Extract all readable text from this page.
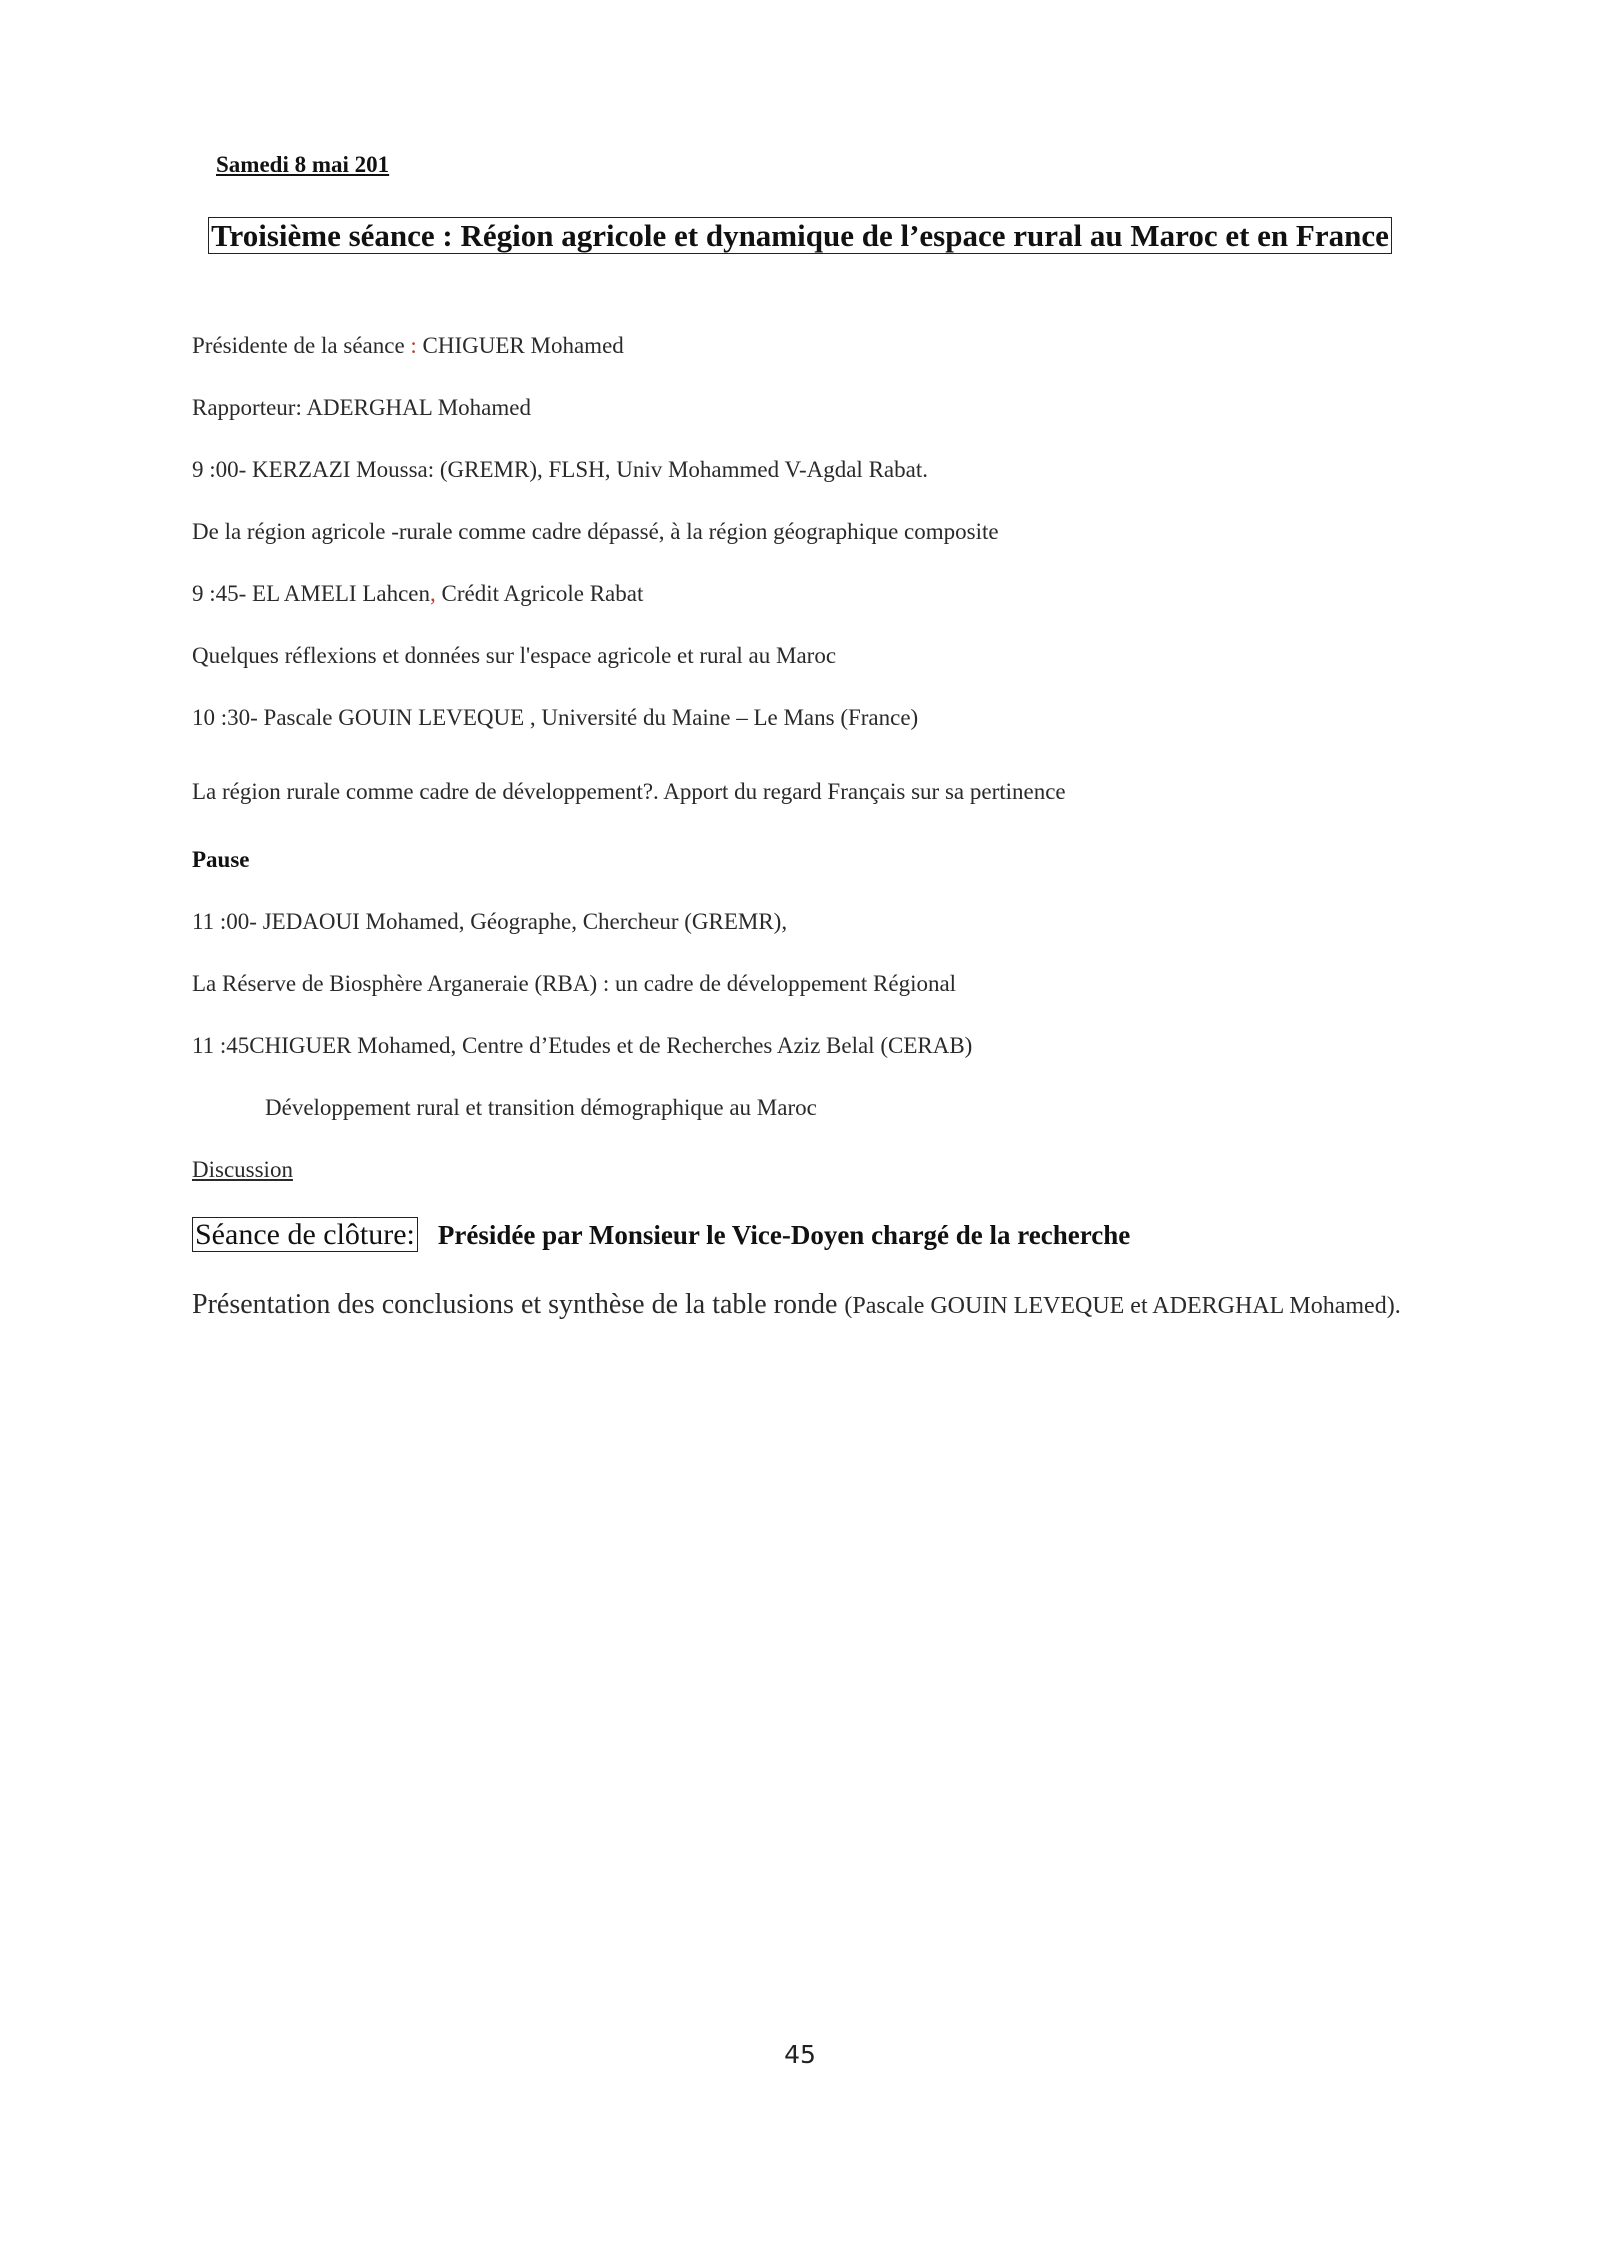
Samedi 8 mai 201
Troisième séance : Région agricole et dynamique de l’espace rural au Maroc et en France
Présidente de la séance : CHIGUER Mohamed
Rapporteur: ADERGHAL Mohamed
9 :00- KERZAZI Moussa: (GREMR), FLSH, Univ Mohammed V-Agdal Rabat.
De la région agricole -rurale comme cadre dépassé, à la région géographique composite
9 :45- EL AMELI Lahcen, Crédit Agricole Rabat
Quelques réflexions et données sur l'espace agricole et rural au Maroc
10 :30- Pascale GOUIN LEVEQUE , Université du Maine – Le Mans (France)
La région rurale comme cadre de développement?. Apport du regard Français sur sa pertinence
Pause
11 :00- JEDAOUI Mohamed, Géographe, Chercheur (GREMR),
La Réserve de Biosphère Arganeraie (RBA) : un cadre de développement Régional
11 :45CHIGUER Mohamed, Centre d’Etudes et de Recherches Aziz Belal (CERAB)
Développement rural et transition démographique au Maroc
Discussion
Séance de clôture: Présidée par Monsieur le Vice-Doyen chargé de la recherche
Présentation des conclusions et synthèse de la table ronde (Pascale GOUIN LEVEQUE et ADERGHAL Mohamed).
45
